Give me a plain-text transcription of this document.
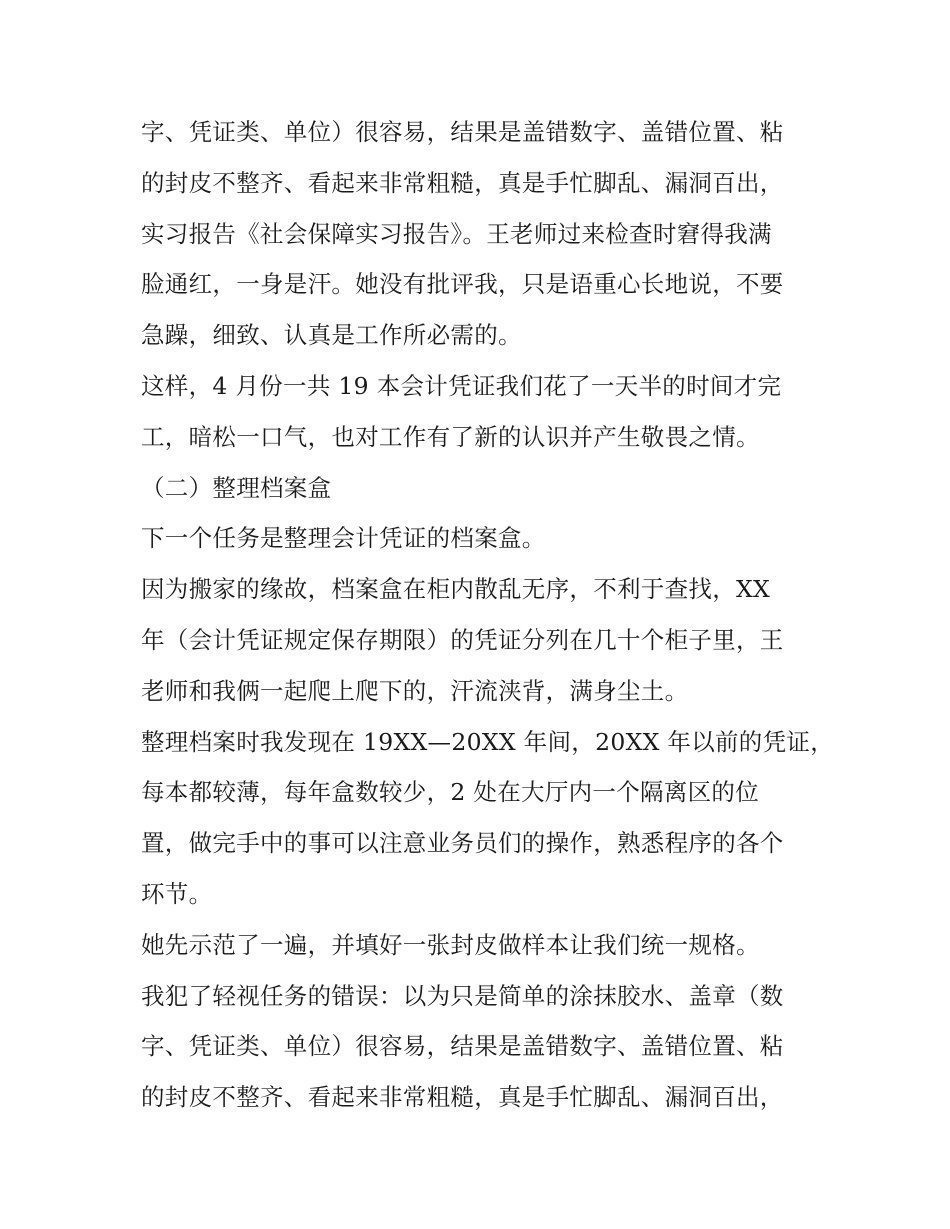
字、凭证类、单位）很容易，结果是盖错数字、盖错位置、粘
的封皮不整齐、看起来非常粗糙，真是手忙脚乱、漏洞百出，
实习报告《社会保障实习报告》。王老师过来检查时窘得我满
脸通红，一身是汗。她没有批评我，只是语重心长地说，不要
急躁，细致、认真是工作所必需的。
这样，4 月份一共 19 本会计凭证我们花了一天半的时间才完
工，暗松一口气，也对工作有了新的认识并产生敬畏之情。
（二）整理档案盒
下一个任务是整理会计凭证的档案盒。
因为搬家的缘故，档案盒在柜内散乱无序，不利于查找，XX
年（会计凭证规定保存期限）的凭证分列在几十个柜子里，王
老师和我俩一起爬上爬下的，汗流浃背，满身尘土。
整理档案时我发现在 19XX—20XX 年间，20XX 年以前的凭证，
每本都较薄，每年盒数较少，2 处在大厅内一个隔离区的位
置，做完手中的事可以注意业务员们的操作，熟悉程序的各个
环节。
她先示范了一遍，并填好一张封皮做样本让我们统一规格。
我犯了轻视任务的错误：以为只是简单的涂抹胶水、盖章（数
字、凭证类、单位）很容易，结果是盖错数字、盖错位置、粘
的封皮不整齐、看起来非常粗糙，真是手忙脚乱、漏洞百出，
